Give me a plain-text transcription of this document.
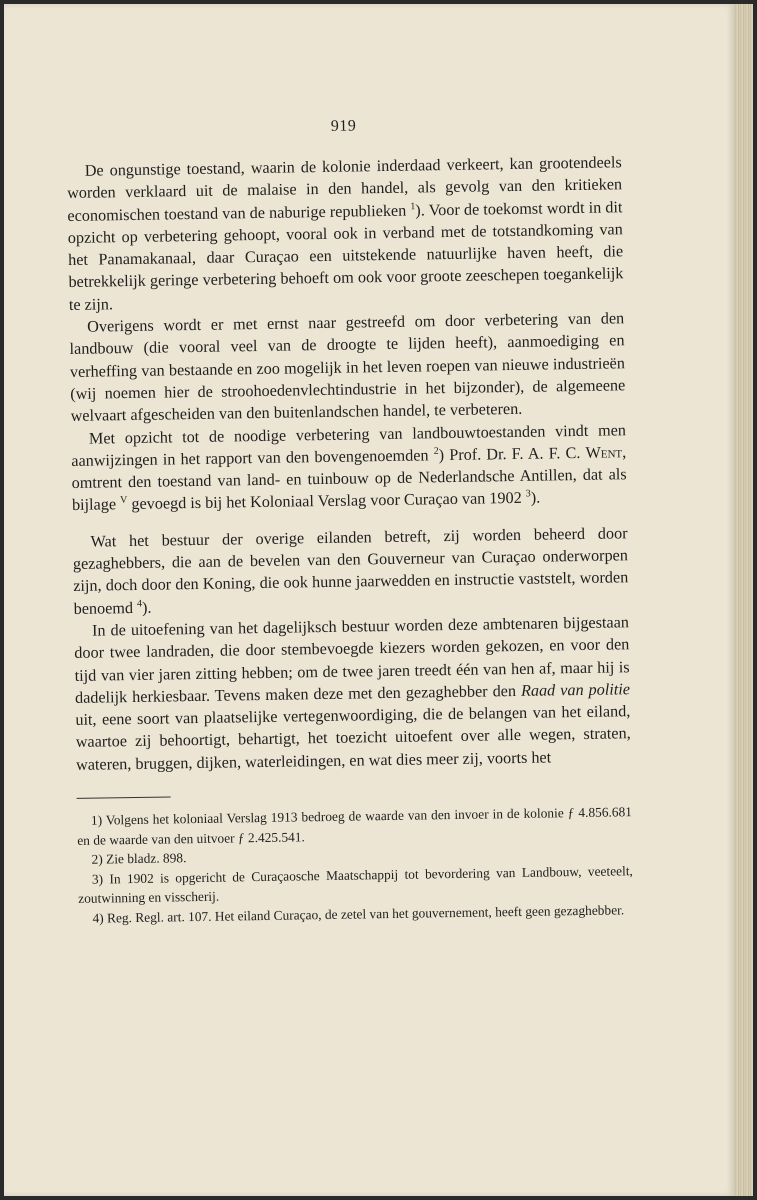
919

De ongunstige toestand, waarin de kolonie inderdaad verkeert, kan grootendeels worden verklaard uit de malaise in den handel, als gevolg van den kritieken economischen toestand van de naburige republieken $^1$). Voor de toekomst wordt in dit opzicht op verbetering gehoopt, vooral ook in verband met de totstandkoming van het Panamakanaal, daar Curaçao een uitstekende natuurlijke haven heeft, die betrekkelijk geringe verbetering behoeft om ook voor groote zeeschepen toegankelijk te zijn.

Overigens wordt er met ernst naar gestreefd om door verbetering van den landbouw (die vooral veel van de droogte te lijden heeft), aanmoediging en verheffing van bestaande en zoo mogelijk in het leven roepen van nieuwe industrieën (wij noemen hier de stroohoedenvlechtindustrie in het bijzonder), de algemeene welvaart afgescheiden van den buitenlandschen handel, te verbeteren.

Met opzicht tot de noodige verbetering van landbouwtoestanden vindt men aanwijzingen in het rapport van den bovengenoemden $^2$) Prof. Dr. F. A. F. C. Went, omtrent den toestand van land- en tuinbouw op de Nederlandsche Antillen, dat als bijlage $^V$ gevoegd is bij het Koloniaal Verslag voor Curaçao van 1902 $^3$).

Wat het bestuur der overige eilanden betreft, zij worden beheerd door gezaghebbers, die aan de bevelen van den Gouverneur van Curaçao onderworpen zijn, doch door den Koning, die ook hunne jaarwedden en instructie vaststelt, worden benoemd $^4$).

In de uitoefening van het dagelijksch bestuur worden deze ambtenaren bijgestaan door twee landraden, die door stembevoegde kiezers worden gekozen, en voor den tijd van vier jaren zitting hebben; om de twee jaren treedt één van hen af, maar hij is dadelijk herkiesbaar. Tevens maken deze met den gezaghebber den Raad van politie uit, eene soort van plaatselijke vertegenwoordiging, die de belangen van het eiland, waartoe zij behoortigt, behartigt, het toezicht uitoefent over alle wegen, straten, wateren, bruggen, dijken, waterleidingen, en wat dies meer zij, voorts het

1) Volgens het koloniaal Verslag 1913 bedroeg de waarde van den invoer in de kolonie ƒ 4.856.681 en de waarde van den uitvoer ƒ 2.425.541.

2) Zie bladz. 898.

3) In 1902 is opgericht de Curaçaosche Maatschappij tot bevordering van Landbouw, veeteelt, zoutwinning en visscherij.

4) Reg. Regl. art. 107. Het eiland Curaçao, de zetel van het gouvernement, heeft geen gezaghebber.
